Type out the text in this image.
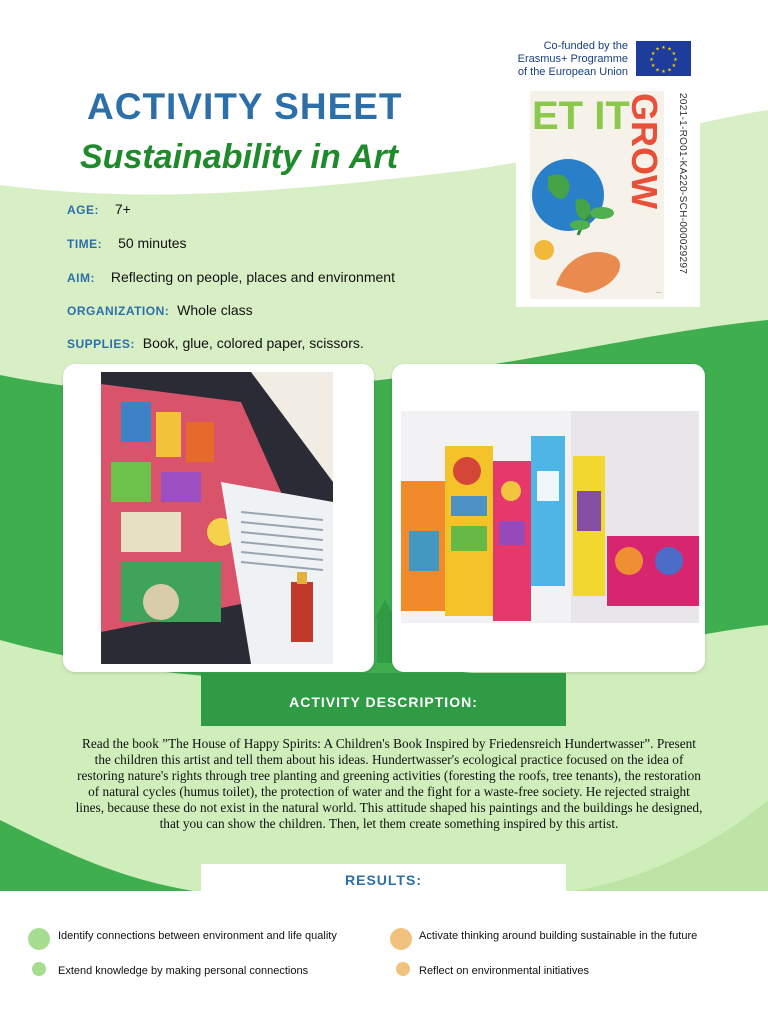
ACTIVITY SHEET
Sustainability in Art
Co-funded by the
Erasmus+ Programme
of the European Union
★ ★
★
★
★
★
★
★
★
★
★
★
ET IT
GROW
...
2021-1-RO01-KA220-SCH-000029297
AGE: 7+
TIME: 50 minutes
AIM: Reflecting on people, places and environment
ORGANIZATION: Whole class
SUPPLIES: Book, glue, colored paper, scissors.
ACTIVITY DESCRIPTION:
Read the book ”The House of Happy Spirits: A Children's Book Inspired by Friedensreich Hundertwasser”. Present the children this artist and tell them about his ideas. Hundertwasser's ecological practice focused on the idea of restoring nature's rights through tree planting and greening activities (foresting the roofs, tree tenants), the restoration of natural cycles (humus toilet), the protection of water and the fight for a waste-free society. He rejected straight lines, because these do not exist in the natural world. This attitude shaped his paintings and the buildings he designed, that you can show the children. Then, let them create something inspired by this artist.
RESULTS:
Identify connections between environment and life quality	Activate thinking around building sustainable in the future
Extend knowledge by making personal connections	Reflect on environmental initiatives
